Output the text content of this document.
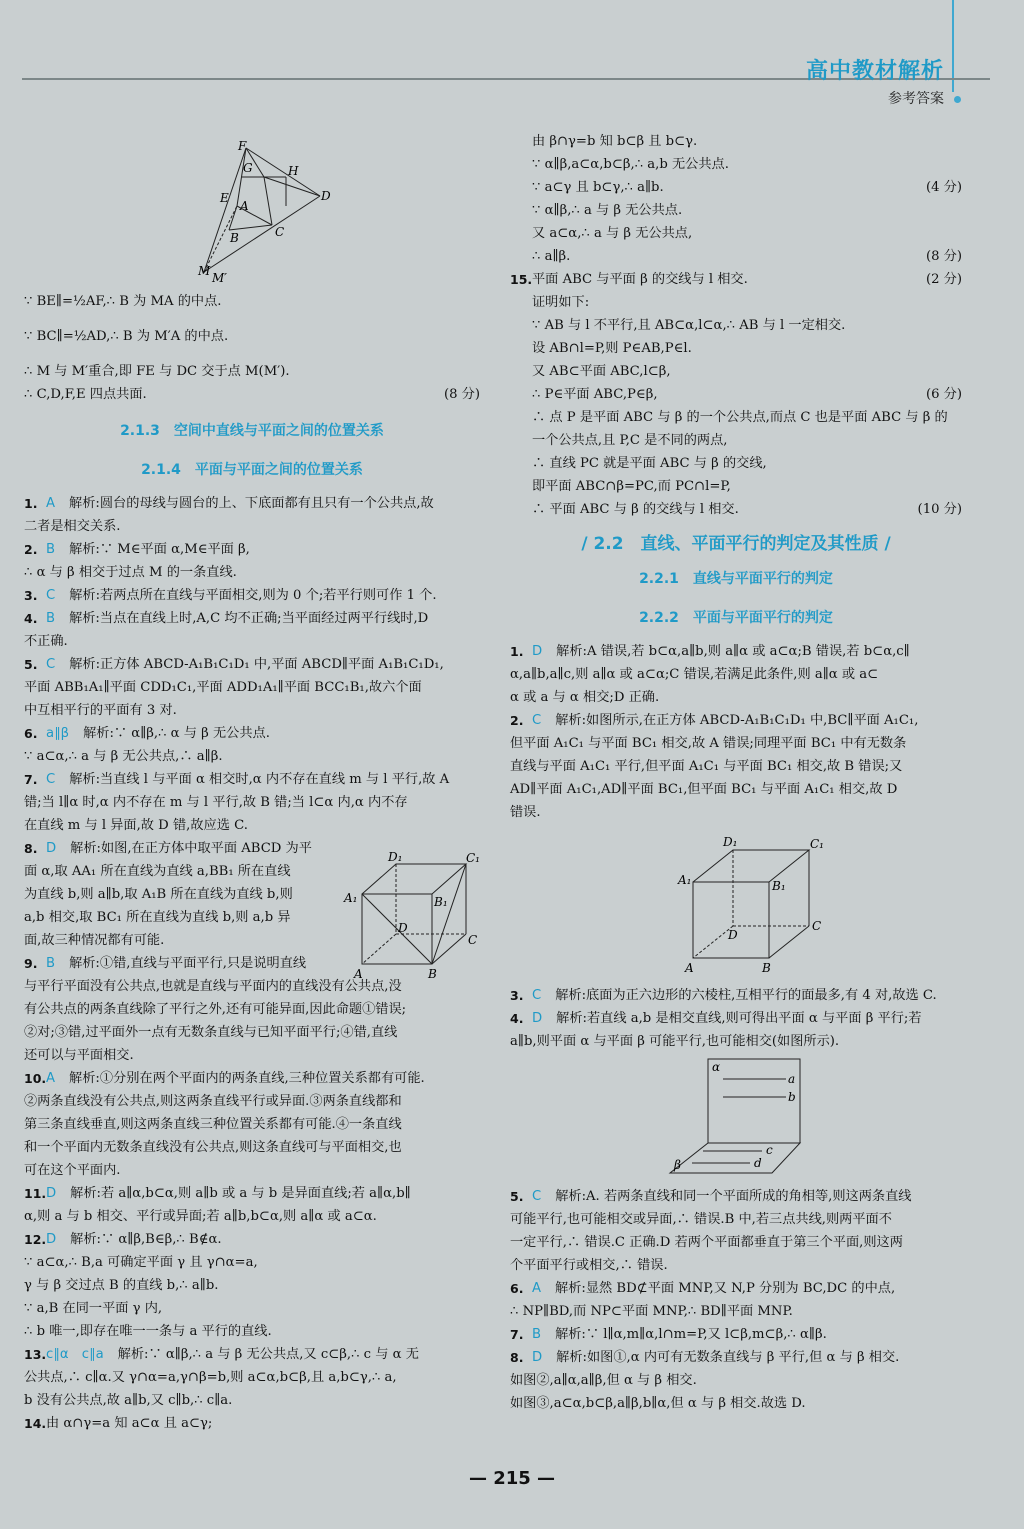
高中教材解析
参考答案
F
G	H
E
A
D
B	C
M M′
∵ BE∥=½AF,∴ B 为 MA 的中点.
∵ BC∥=½AD,∴ B 为 M′A 的中点.
∴ M 与 M′重合,即 FE 与 DC 交于点 M(M′).
∴ C,D,F,E 四点共面.	(8 分)
2.1.3　空间中直线与平面之间的位置关系
2.1.4　平面与平面之间的位置关系
1. A 解析:圆台的母线与圆台的上、下底面都有且只有一个公共点,故
二者是相交关系.
2. B 解析:∵ M∈平面 α,M∈平面 β,
∴ α 与 β 相交于过点 M 的一条直线.
3. C 解析:若两点所在直线与平面相交,则为 0 个;若平行则可作 1 个.
4. B 解析:当点在直线上时,A,C 均不正确;当平面经过两平行线时,D
不正确.
5. C 解析:正方体 ABCD-A₁B₁C₁D₁ 中,平面 ABCD∥平面 A₁B₁C₁D₁,
平面 ABB₁A₁∥平面 CDD₁C₁,平面 ADD₁A₁∥平面 BCC₁B₁,故六个面
中互相平行的平面有 3 对.
6. a∥β 解析:∵ α∥β,∴ α 与 β 无公共点.
∵ a⊂α,∴ a 与 β 无公共点,∴ a∥β.
7. C 解析:当直线 l 与平面 α 相交时,α 内不存在直线 m 与 l 平行,故 A
错;当 l∥α 时,α 内不存在 m 与 l 平行,故 B 错;当 l⊂α 内,α 内不存
在直线 m 与 l 异面,故 D 错,故应选 C.
8. D 解析:如图,在正方体中取平面 ABCD 为平
面 α,取 AA₁ 所在直线为直线 a,BB₁ 所在直线
为直线 b,则 a∥b,取 A₁B 所在直线为直线 b,则
a,b 相交,取 BC₁ 所在直线为直线 b,则 a,b 异
面,故三种情况都有可能.
9. B 解析:①错,直线与平面平行,只是说明直线
与平行平面没有公共点,也就是直线与平面内的直线没有公共点,没
有公共点的两条直线除了平行之外,还有可能异面,因此命题①错误;
②对;③错,过平面外一点有无数条直线与已知平面平行;④错,直线
还可以与平面相交.
10. A 解析:①分别在两个平面内的两条直线,三种位置关系都有可能.
②两条直线没有公共点,则这两条直线平行或异面.③两条直线都和
第三条直线垂直,则这两条直线三种位置关系都有可能.④一条直线
和一个平面内无数条直线没有公共点,则这条直线可与平面相交,也
可在这个平面内.
11. D 解析:若 a∥α,b⊂α,则 a∥b 或 a 与 b 是异面直线;若 a∥α,b∥
α,则 a 与 b 相交、平行或异面;若 a∥b,b⊂α,则 a∥α 或 a⊂α.
12. D 解析:∵ α∥β,B∈β,∴ B∉α.
∵ a⊂α,∴ B,a 可确定平面 γ 且 γ∩α=a,
γ 与 β 交过点 B 的直线 b,∴ a∥b.
∵ a,B 在同一平面 γ 内,
∴ b 唯一,即存在唯一一条与 a 平行的直线.
13. c∥α　c∥a 解析:∵ α∥β,∴ a 与 β 无公共点,又 c⊂β,∴ c 与 α 无
公共点,∴ c∥α.又 γ∩α=a,γ∩β=b,则 a⊂α,b⊂β,且 a,b⊂γ,∴ a,
b 没有公共点,故 a∥b,又 c∥b,∴ c∥a.
14. 由 α∩γ=a 知 a⊂α 且 a⊂γ;
由 β∩γ=b 知 b⊂β 且 b⊂γ.
∵ α∥β,a⊂α,b⊂β,∴ a,b 无公共点.
∵ a⊂γ 且 b⊂γ,∴ a∥b.	(4 分)
∵ α∥β,∴ a 与 β 无公共点.
又 a⊂α,∴ a 与 β 无公共点,
∴ a∥β.	(8 分)
15. 平面 ABC 与平面 β 的交线与 l 相交.	(2 分)
证明如下:
∵ AB 与 l 不平行,且 AB⊂α,l⊂α,∴ AB 与 l 一定相交.
设 AB∩l=P,则 P∈AB,P∈l.
又 AB⊂平面 ABC,l⊂β,
∴ P∈平面 ABC,P∈β,	(6 分)
∴ 点 P 是平面 ABC 与 β 的一个公共点,而点 C 也是平面 ABC 与 β 的
一个公共点,且 P,C 是不同的两点,
∴ 直线 PC 就是平面 ABC 与 β 的交线,
即平面 ABC∩β=PC,而 PC∩l=P,
∴ 平面 ABC 与 β 的交线与 l 相交.	(10 分)
/ 2.2　直线、平面平行的判定及其性质 /
2.2.1　直线与平面平行的判定
2.2.2　平面与平面平行的判定
1. D 解析:A 错误,若 b⊂α,a∥b,则 a∥α 或 a⊂α;B 错误,若 b⊂α,c∥
α,a∥b,a∥c,则 a∥α 或 a⊂α;C 错误,若满足此条件,则 a∥α 或 a⊂
α 或 a 与 α 相交;D 正确.
2. C 解析:如图所示,在正方体 ABCD-A₁B₁C₁D₁ 中,BC∥平面 A₁C₁,
但平面 A₁C₁ 与平面 BC₁ 相交,故 A 错误;同理平面 BC₁ 中有无数条
直线与平面 A₁C₁ 平行,但平面 A₁C₁ 与平面 BC₁ 相交,故 B 错误;又
AD∥平面 A₁C₁,AD∥平面 BC₁,但平面 BC₁ 与平面 A₁C₁ 相交,故 D
错误.
D₁	C₁
A₁	B₁
D
C
A	B
3. C 解析:底面为正六边形的六棱柱,互相平行的面最多,有 4 对,故选 C.
4. D 解析:若直线 a,b 是相交直线,则可得出平面 α 与平面 β 平行;若
a∥b,则平面 α 与平面 β 可能平行,也可能相交(如图所示).
α
a
b
c
β	d
5. C 解析:A. 若两条直线和同一个平面所成的角相等,则这两条直线
可能平行,也可能相交或异面,∴ 错误.B 中,若三点共线,则两平面不
一定平行,∴ 错误.C 正确.D 若两个平面都垂直于第三个平面,则这两
个平面平行或相交,∴ 错误.
6. A 解析:显然 BD⊄平面 MNP,又 N,P 分别为 BC,DC 的中点,
∴ NP∥BD,而 NP⊂平面 MNP,∴ BD∥平面 MNP.
7. B 解析:∵ l∥α,m∥α,l∩m=P,又 l⊂β,m⊂β,∴ α∥β.
8. D 解析:如图①,α 内可有无数条直线与 β 平行,但 α 与 β 相交.
如图②,a∥α,a∥β,但 α 与 β 相交.
如图③,a⊂α,b⊂β,a∥β,b∥α,但 α 与 β 相交.故选 D.
D₁	C₁
A₁	B₁
D
C
A	B
— 215 —
